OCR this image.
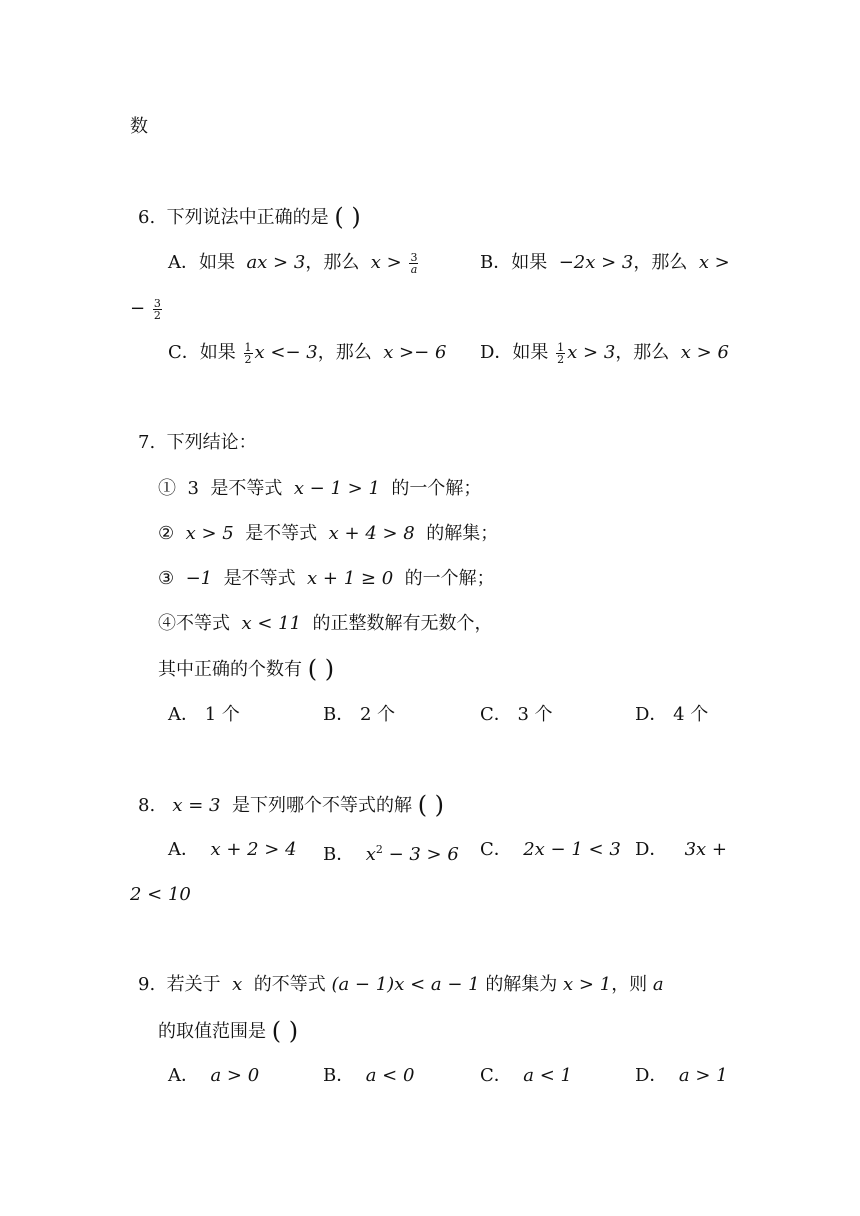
数
6. 下列说法中正确的是 ( )
A．如果 ax > 3，那么 $x > \frac{3}{a}$	B．如果 −2x > 3，那么 x >
− $\frac{3}{2}$
C．如果 $\frac{1}{2}$ x <− 3，那么 x >− 6 D．如果 $\frac{1}{2}$ x > 3，那么 x > 6
7. 下列结论：
① 3 是不等式 x − 1 > 1 的一个解；
② x > 5 是不等式 x + 4 > 8 的解集；
③ −1 是不等式 x + 1 ≥ 0 的一个解；
④不等式 x < 11 的正整数解有无数个，
其中正确的个数有 ( )
A． 1 个	B． 2 个	C． 3 个	D． 4 个
8. x = 3 是下列哪个不等式的解 ( )
A． x + 2 > 4 B． $x^2 - 3 > 6$ C． 2x − 1 < 3 D． 3x +
2 < 10
9. 若关于 x 的不等式 (a − 1)x < a − 1 的解集为 x > 1，则 a
的取值范围是 ( )
A． a > 0	B． a < 0	C． a < 1	D． a > 1
